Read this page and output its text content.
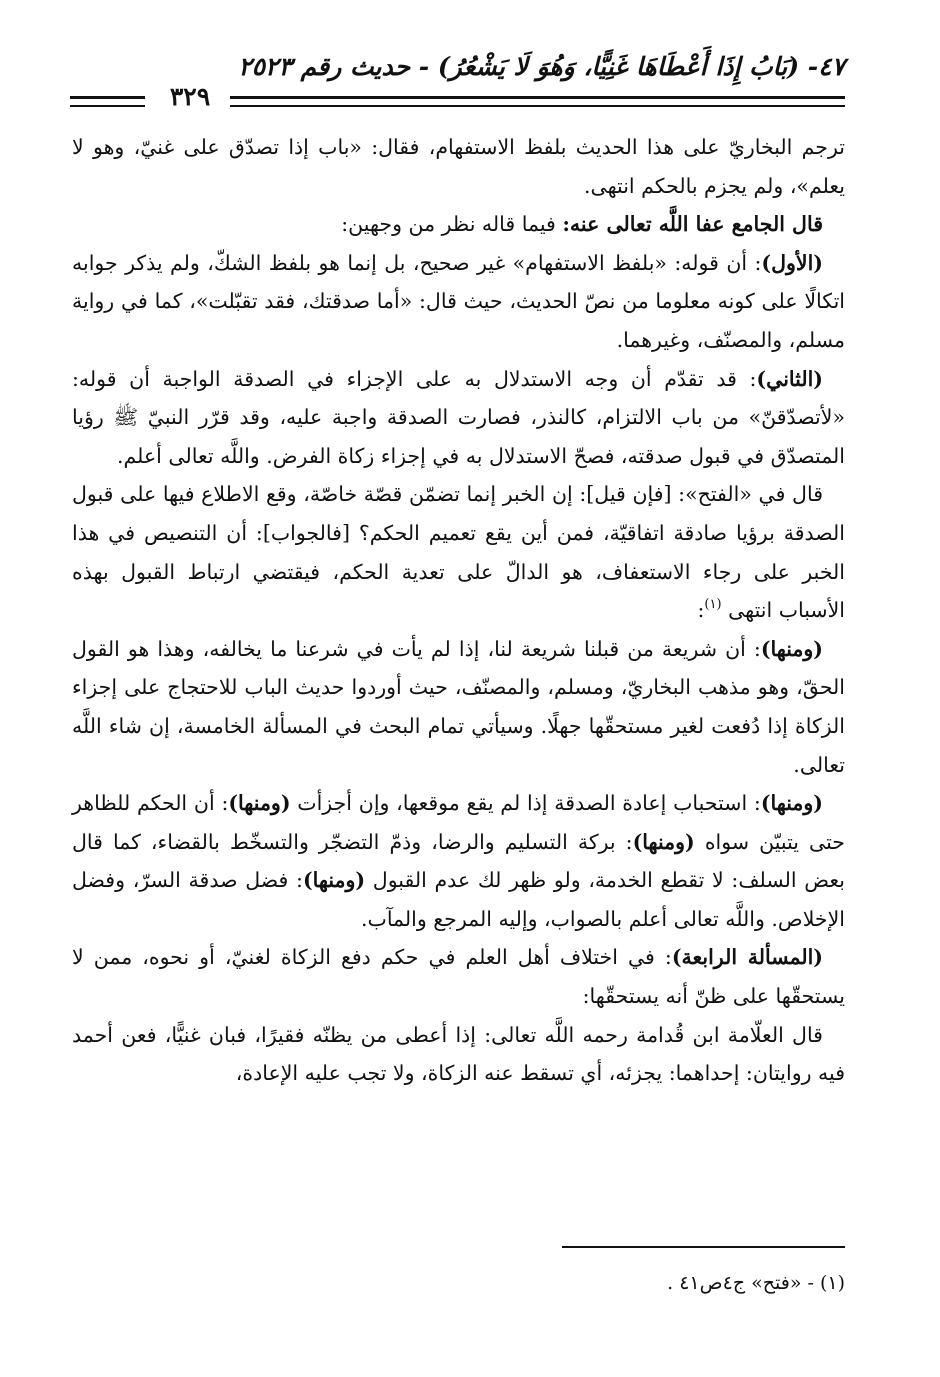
٤٧- (بَابُ إِذَا أَعْطَاهَا غَنِيًّا، وَهُوَ لَا يَشْعُرُ) - حديث رقم ٢٥٢٣
٣٢٩

ترجم البخاريّ على هذا الحديث بلفظ الاستفهام، فقال: «باب إذا تصدّق على غنيّ، وهو لا يعلم»، ولم يجزم بالحكم انتهى.

قال الجامع عفا اللَّه تعالى عنه: فيما قاله نظر من وجهين:

(الأول): أن قوله: «بلفظ الاستفهام» غير صحيح، بل إنما هو بلفظ الشكّ، ولم يذكر جوابه اتكالًا على كونه معلوما من نصّ الحديث، حيث قال: «أما صدقتك، فقد تقبّلت»، كما في رواية مسلم، والمصنّف، وغيرهما.

(الثاني): قد تقدّم أن وجه الاستدلال به على الإجزاء في الصدقة الواجبة أن قوله: «لأتصدّقنّ» من باب الالتزام، كالنذر، فصارت الصدقة واجبة عليه، وقد قرّر النبيّ ﷺ رؤيا المتصدّق في قبول صدقته، فصحّ الاستدلال به في إجزاء زكاة الفرض. واللَّه تعالى أعلم.

قال في «الفتح»: [فإن قيل]: إن الخبر إنما تضمّن قصّة خاصّة، وقع الاطلاع فيها على قبول الصدقة برؤيا صادقة اتفاقيّة، فمن أين يقع تعميم الحكم؟ [فالجواب]: أن التنصيص في هذا الخبر على رجاء الاستعفاف، هو الدالّ على تعدية الحكم، فيقتضي ارتباط القبول بهذه الأسباب انتهى $^{(١)}$:

(ومنها): أن شريعة من قبلنا شريعة لنا، إذا لم يأت في شرعنا ما يخالفه، وهذا هو القول الحقّ، وهو مذهب البخاريّ، ومسلم، والمصنّف، حيث أوردوا حديث الباب للاحتجاج على إجزاء الزكاة إذا دُفعت لغير مستحقّها جهلًا. وسيأتي تمام البحث في المسألة الخامسة، إن شاء اللَّه تعالى.

(ومنها): استحباب إعادة الصدقة إذا لم يقع موقعها، وإن أجزأت (ومنها): أن الحكم للظاهر حتى يتبيّن سواه (ومنها): بركة التسليم والرضا، وذمّ التضجّر والتسخّط بالقضاء، كما قال بعض السلف: لا تقطع الخدمة، ولو ظهر لك عدم القبول (ومنها): فضل صدقة السرّ، وفضل الإخلاص. واللَّه تعالى أعلم بالصواب، وإليه المرجع والمآب.

(المسألة الرابعة): في اختلاف أهل العلم في حكم دفع الزكاة لغنيّ، أو نحوه، ممن لا يستحقّها على ظنّ أنه يستحقّها:

قال العلّامة ابن قُدامة رحمه اللَّه تعالى: إذا أعطى من يظنّه فقيرًا، فبان غنيًّا، فعن أحمد فيه روايتان: إحداهما: يجزئه، أي تسقط عنه الزكاة، ولا تجب عليه الإعادة،

(١) - «فتح» ج٤ص٤١ .
